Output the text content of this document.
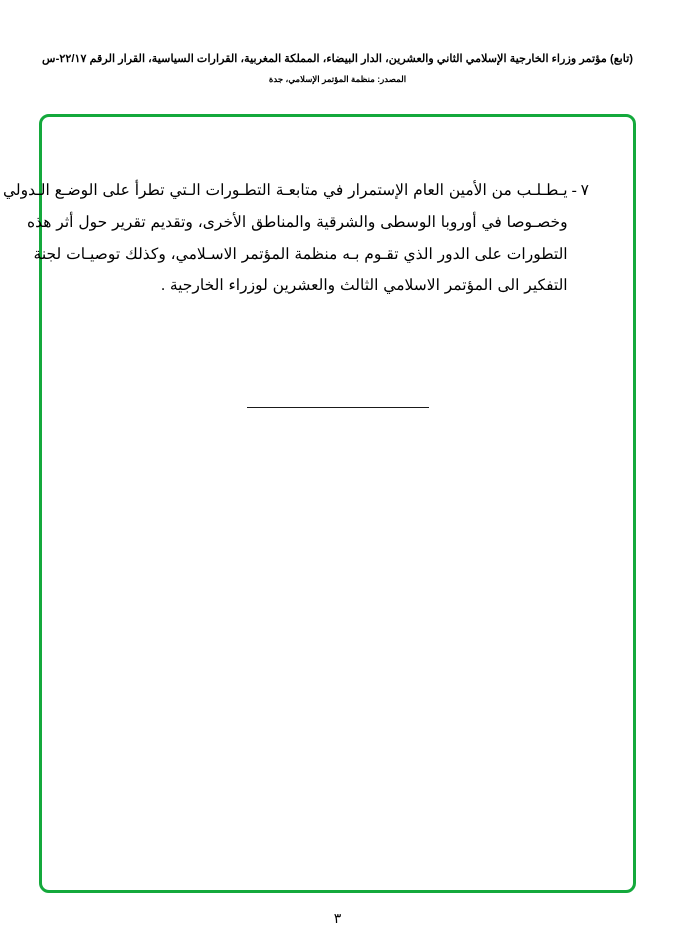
(تابع) مؤتمر وزراء الخارجية الإسلامي الثاني والعشرين، الدار البيضاء، المملكة المغربية، القرارات السياسية، القرار الرقم ٢٢/١٧-س
المصدر: منظمة المؤتمر الإسلامي، جدة
٧ -
يـطـلـب من الأمين العام الإستمرار في متابعـة التطـورات الـتي تطرأ على الوضـع الـدولي
وخصـوصا في أوروبا الوسطى والشرقية والمناطق الأخرى، وتقديم تقرير حول أثر هذه
التطورات على الدور الذي تقـوم بـه منظمة المؤتمر الاسـلامي، وكذلك توصيـات لجنة
التفكير الى المؤتمر الاسلامي الثالث والعشرين لوزراء الخارجية .
٣
